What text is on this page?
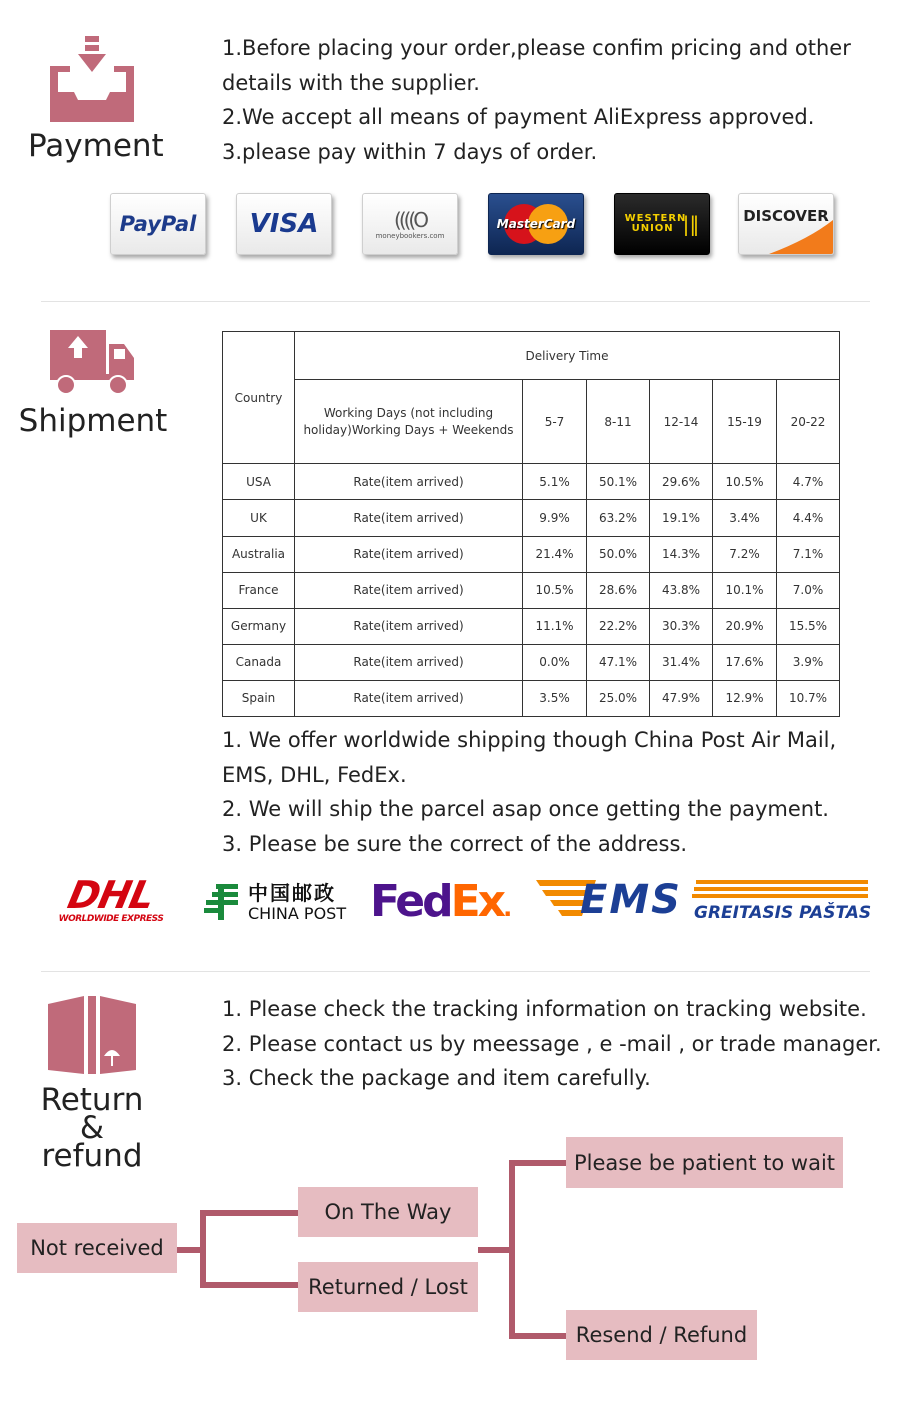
Payment
1.Before placing your order,please confim pricing and other
details with the supplier.
2.We accept all means of payment AliExpress approved.
3.please pay within 7 days of order.
PayPal VISA	((((O
moneybookers.com
MasterCard	WESTERN UNION |‖	DISCOVER
Shipment
Country	Delivery Time					
	Working Days (not including holiday)Working Days + Weekends	5-7	8-11	12-14	15-19	20-22
USA	Rate(item arrived)	5.1%	50.1%	29.6%	10.5%	4.7%
UK	Rate(item arrived)	9.9%	63.2%	19.1%	3.4%	4.4%
Australia	Rate(item arrived)	21.4%	50.0%	14.3%	7.2%	7.1%
France	Rate(item arrived)	10.5%	28.6%	43.8%	10.1%	7.0%
Germany	Rate(item arrived)	11.1%	22.2%	30.3%	20.9%	15.5%
Canada	Rate(item arrived)	0.0%	47.1%	31.4%	17.6%	3.9%
Spain	Rate(item arrived)	3.5%	25.0%	47.9%	12.9%	10.7%
1. We offer worldwide shipping though China Post Air Mail,
EMS, DHL, FedEx.
2. We will ship the parcel asap once getting the payment.
3. Please be sure the correct of the address.
DHL
WORLDWIDE EXPRESS
中国邮政
CHINA POST FedEx. EMS GREITASIS PAŠTAS
Return
&
refund
1. Please check the tracking information on tracking website.
2. Please contact us by meessage , e -mail , or trade manager.
3. Check the package and item carefully.
Not received
On The Way
Returned / Lost
Please be patient to wait
Resend / Refund
